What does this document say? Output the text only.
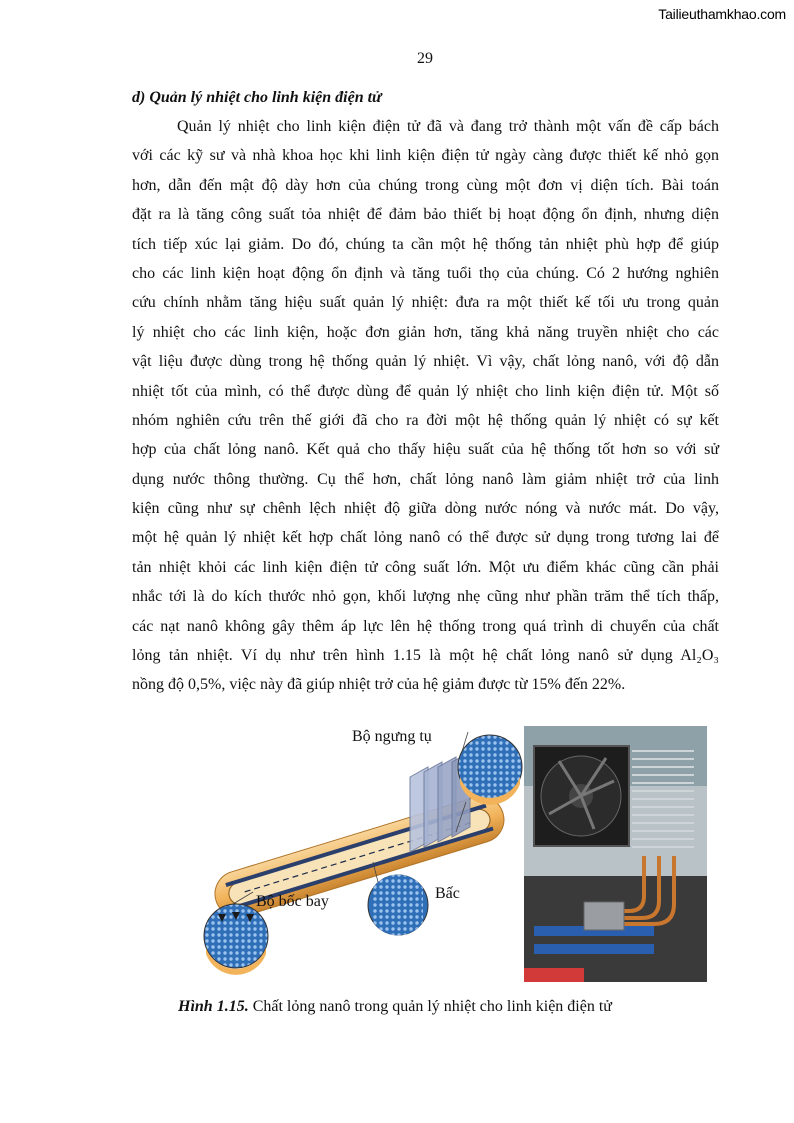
Tailieuthamkhao.com
29
d) Quản lý nhiệt cho linh kiện điện tử
Quản lý nhiệt cho linh kiện điện tử đã và đang trở thành một vấn đề cấp bách
với các kỹ sư và nhà khoa học khi linh kiện điện tử ngày càng được thiết kế nhỏ gọn
hơn, dẫn đến mật độ dày hơn của chúng trong cùng một đơn vị diện tích. Bài toán
đặt ra là tăng công suất tỏa nhiệt để đảm bảo thiết bị hoạt động ổn định, nhưng diện
tích tiếp xúc lại giảm. Do đó, chúng ta cần một hệ thống tản nhiệt phù hợp để giúp
cho các linh kiện hoạt động ổn định và tăng tuổi thọ của chúng. Có 2 hướng nghiên
cứu chính nhằm tăng hiệu suất quản lý nhiệt: đưa ra một thiết kế tối ưu trong quản
lý nhiệt cho các linh kiện, hoặc đơn giản hơn, tăng khả năng truyền nhiệt cho các
vật liệu được dùng trong hệ thống quản lý nhiệt. Vì vậy, chất lỏng nanô, với độ dẫn
nhiệt tốt của mình, có thể được dùng để quản lý nhiệt cho linh kiện điện tử. Một số
nhóm nghiên cứu trên thế giới đã cho ra đời một hệ thống quản lý nhiệt có sự kết
hợp của chất lỏng nanô. Kết quả cho thấy hiệu suất của hệ thống tốt hơn so với sử
dụng nước thông thường. Cụ thể hơn, chất lỏng nanô làm giảm nhiệt trở của linh
kiện cũng như sự chênh lệch nhiệt độ giữa dòng nước nóng và nước mát. Do vậy,
một hệ quản lý nhiệt kết hợp chất lỏng nanô có thể được sử dụng trong tương lai để
tản nhiệt khỏi các linh kiện điện tử công suất lớn. Một ưu điểm khác cũng cần phải
nhắc tới là do kích thước nhỏ gọn, khối lượng nhẹ cũng như phần trăm thể tích thấp,
các nạt nanô không gây thêm áp lực lên hệ thống trong quá trình di chuyển của chất
lỏng tản nhiệt. Ví dụ như trên hình 1.15 là một hệ chất lỏng nanô sử dụng Al₂O₃
nồng độ 0,5%, việc này đã giúp nhiệt trở của hệ giảm được từ 15% đến 22%.
Bộ ngưng tụ
Bộ bốc bay	Bấc
Hình 1.15. Chất lỏng nanô trong quản lý nhiệt cho linh kiện điện tử
